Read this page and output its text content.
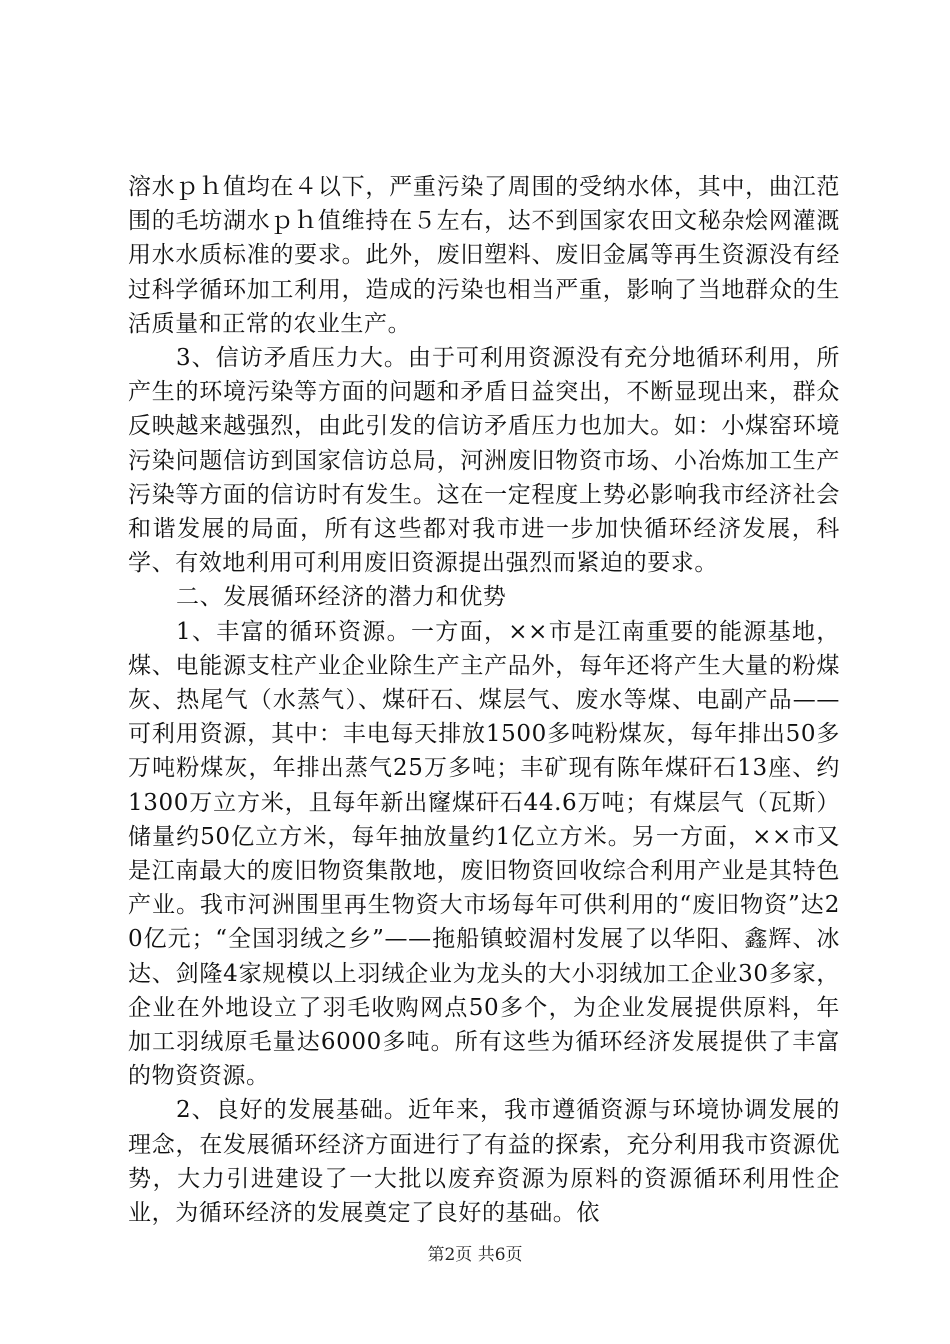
溶水ｐｈ值均在４以下，严重污染了周围的受纳水体，其中，曲江范围的毛坊湖水ｐｈ值维持在５左右，达不到国家农田文秘杂烩网灌溉用水水质标准的要求。此外，废旧塑料、废旧金属等再生资源没有经过科学循环加工利用，造成的污染也相当严重，影响了当地群众的生活质量和正常的农业生产。

3、信访矛盾压力大。由于可利用资源没有充分地循环利用，所产生的环境污染等方面的问题和矛盾日益突出，不断显现出来，群众反映越来越强烈，由此引发的信访矛盾压力也加大。如：小煤窑环境污染问题信访到国家信访总局，河洲废旧物资市场、小冶炼加工生产污染等方面的信访时有发生。这在一定程度上势必影响我市经济社会和谐发展的局面，所有这些都对我市进一步加快循环经济发展，科学、有效地利用可利用废旧资源提出强烈而紧迫的要求。

二、发展循环经济的潜力和优势

1、丰富的循环资源。一方面，××市是江南重要的能源基地，煤、电能源支柱产业企业除生产主产品外，每年还将产生大量的粉煤灰、热尾气（水蒸气）、煤矸石、煤层气、废水等煤、电副产品——可利用资源，其中：丰电每天排放1500多吨粉煤灰，每年排出50多万吨粉煤灰，年排出蒸气25万多吨；丰矿现有陈年煤矸石13座、约1300万立方米，且每年新出窿煤矸石44.6万吨；有煤层气（瓦斯）储量约50亿立方米，每年抽放量约1亿立方米。另一方面，××市又是江南最大的废旧物资集散地，废旧物资回收综合利用产业是其特色产业。我市河洲围里再生物资大市场每年可供利用的“废旧物资”达20亿元；“全国羽绒之乡”——拖船镇蛟湄村发展了以华阳、鑫辉、冰达、剑隆4家规模以上羽绒企业为龙头的大小羽绒加工企业30多家，企业在外地设立了羽毛收购网点50多个，为企业发展提供原料，年加工羽绒原毛量达6000多吨。所有这些为循环经济发展提供了丰富的物资资源。

2、良好的发展基础。近年来，我市遵循资源与环境协调发展的理念，在发展循环经济方面进行了有益的探索，充分利用我市资源优势，大力引进建设了一大批以废弃资源为原料的资源循环利用性企业，为循环经济的发展奠定了良好的基础。依

第2页 共6页
